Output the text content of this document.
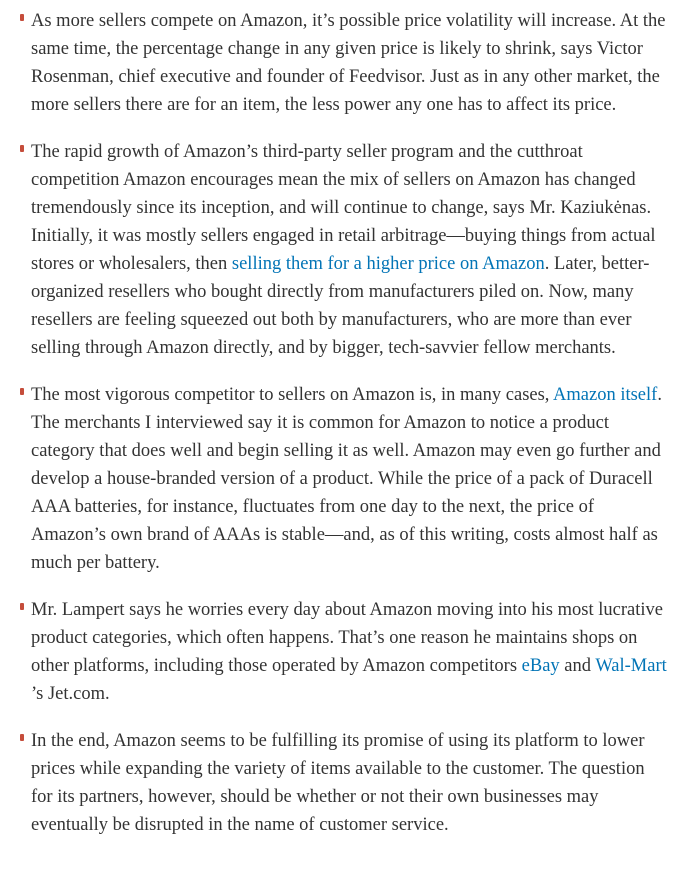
As more sellers compete on Amazon, it’s possible price volatility will increase. At the same time, the percentage change in any given price is likely to shrink, says Victor Rosenman, chief executive and founder of Feedvisor. Just as in any other market, the more sellers there are for an item, the less power any one has to affect its price.

The rapid growth of Amazon’s third-party seller program and the cutthroat competition Amazon encourages mean the mix of sellers on Amazon has changed tremendously since its inception, and will continue to change, says Mr. Kaziukėnas. Initially, it was mostly sellers engaged in retail arbitrage—buying things from actual stores or wholesalers, then selling them for a higher price on Amazon. Later, better-organized resellers who bought directly from manufacturers piled on. Now, many resellers are feeling squeezed out both by manufacturers, who are more than ever selling through Amazon directly, and by bigger, tech-savvier fellow merchants.

The most vigorous competitor to sellers on Amazon is, in many cases, Amazon itself. The merchants I interviewed say it is common for Amazon to notice a product category that does well and begin selling it as well. Amazon may even go further and develop a house-branded version of a product. While the price of a pack of Duracell AAA batteries, for instance, fluctuates from one day to the next, the price of Amazon’s own brand of AAAs is stable—and, as of this writing, costs almost half as much per battery.

Mr. Lampert says he worries every day about Amazon moving into his most lucrative product categories, which often happens. That’s one reason he maintains shops on other platforms, including those operated by Amazon competitors eBay and Wal-Mart ’s Jet.com.

In the end, Amazon seems to be fulfilling its promise of using its platform to lower prices while expanding the variety of items available to the customer. The question for its partners, however, should be whether or not their own businesses may eventually be disrupted in the name of customer service.
